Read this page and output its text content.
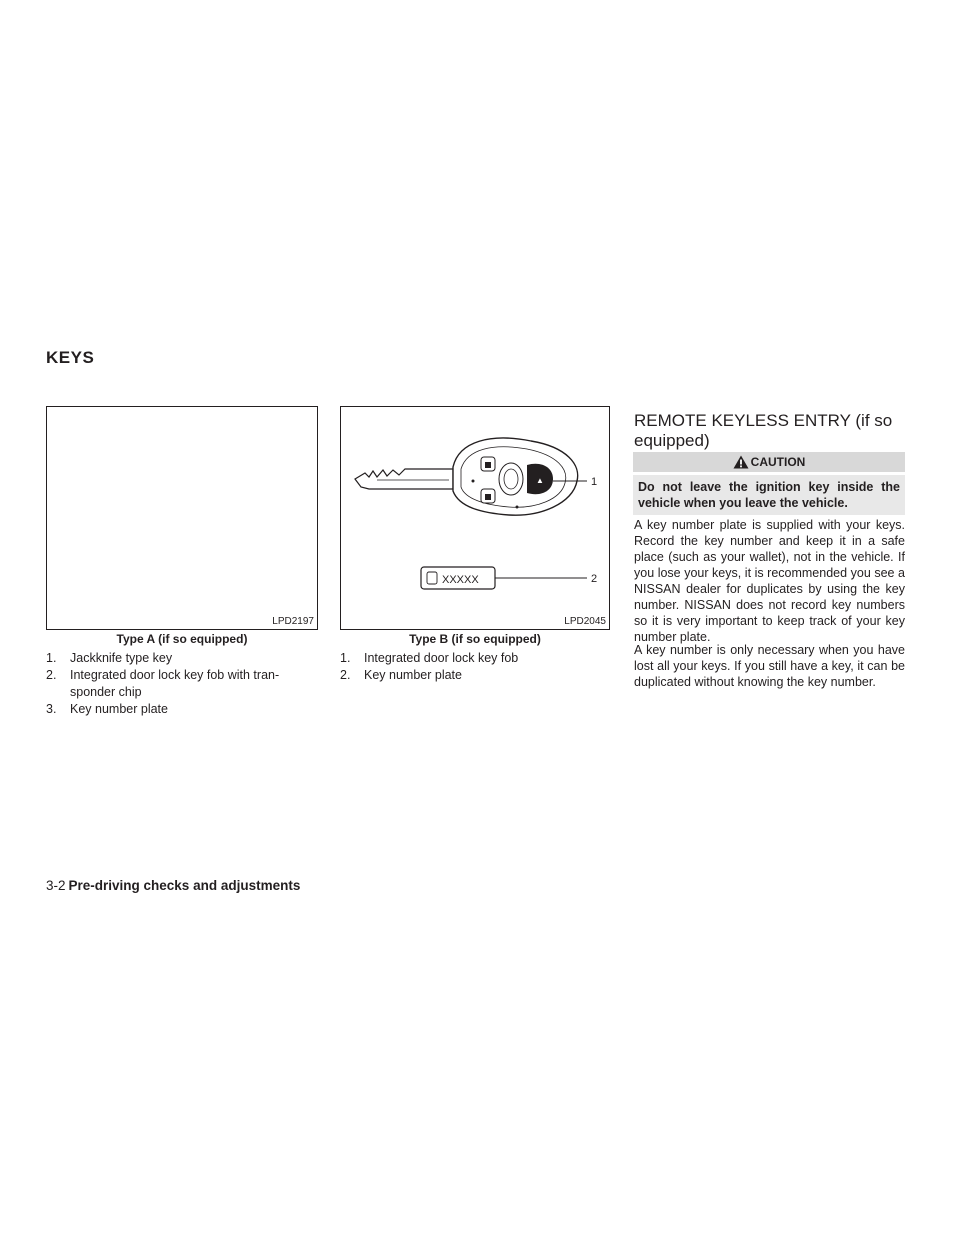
KEYS
LPD2197
Type A (if so equipped)
1.	Jackknife type key
2.	Integrated door lock key fob with tran-sponder chip
3.	Key number plate
▲	1
XXXXX	2
LPD2045
Type B (if so equipped)
1.	Integrated door lock key fob
2.	Key number plate
REMOTE KEYLESS ENTRY (if so equipped)
CAUTION
Do not leave the ignition key inside the vehicle when you leave the vehicle.
A key number plate is supplied with your keys. Record the key number and keep it in a safe place (such as your wallet), not in the vehicle. If you lose your keys, it is recommended you see a NISSAN dealer for duplicates by using the key number. NISSAN does not record key numbers so it is very important to keep track of your key number plate.
A key number is only necessary when you have lost all your keys. If you still have a key, it can be duplicated without knowing the key number.
3-2 Pre-driving checks and adjustments
